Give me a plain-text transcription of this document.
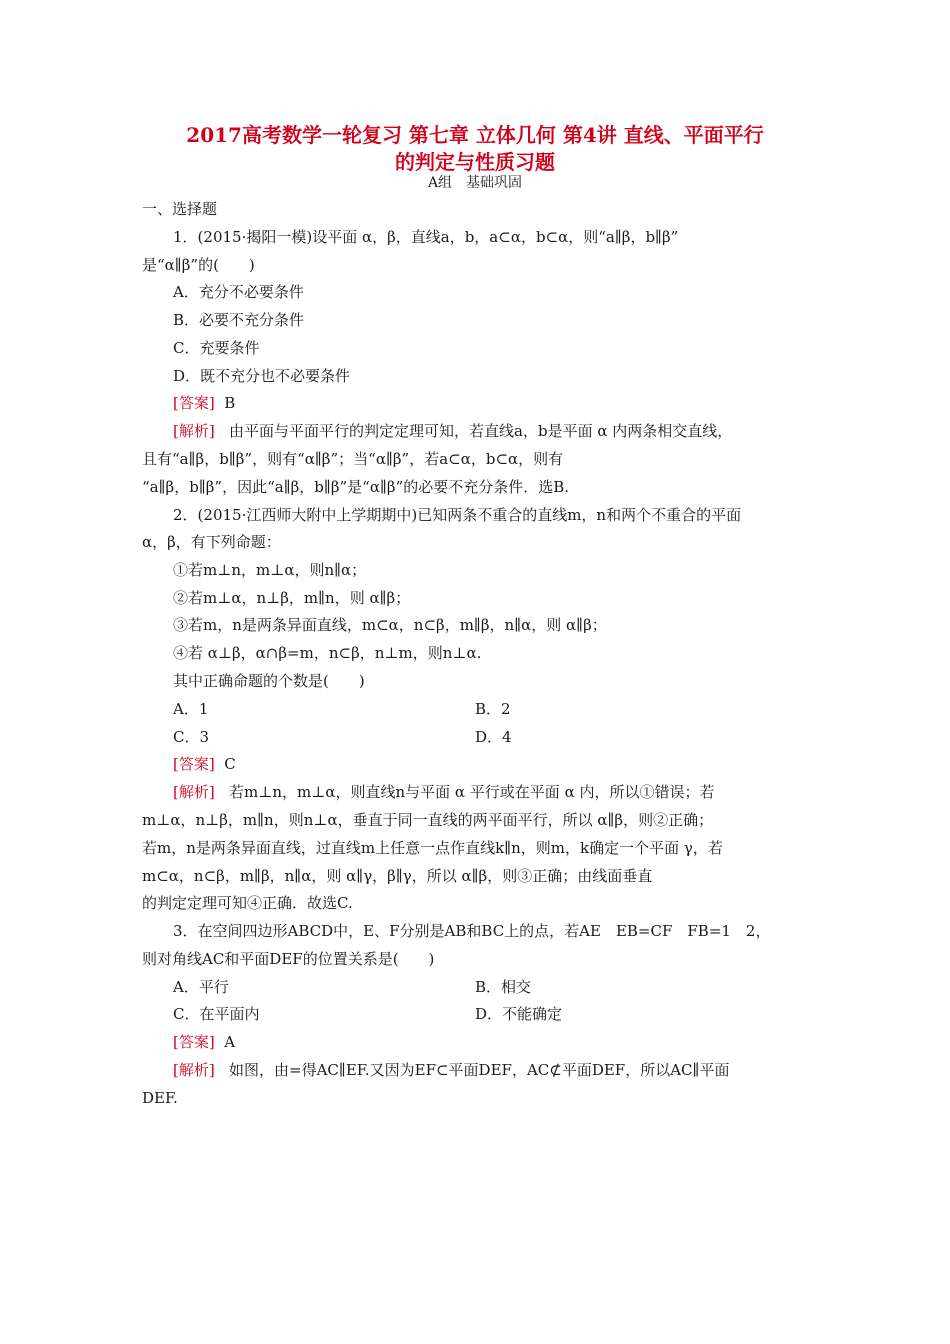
2017高考数学一轮复习 第七章 立体几何 第4讲 直线、平面平行
的判定与性质习题
A组　基础巩固
一、选择题
1．(2015·揭阳一模)设平面 α，β，直线a，b，a⊂α，b⊂α，则“a∥β，b∥β”
是“α∥β”的(　　)
A．充分不必要条件
B．必要不充分条件
C．充要条件
D．既不充分也不必要条件
[答案] B
[解析] 由平面与平面平行的判定定理可知，若直线a，b是平面 α 内两条相交直线，
且有“a∥β，b∥β”，则有“α∥β”；当“α∥β”，若a⊂α，b⊂α，则有
“a∥β，b∥β”，因此“a∥β，b∥β”是“α∥β”的必要不充分条件．选B.
2．(2015·江西师大附中上学期期中)已知两条不重合的直线m，n和两个不重合的平面
α，β，有下列命题：
①若m⊥n，m⊥α，则n∥α；
②若m⊥α，n⊥β，m∥n，则 α∥β；
③若m，n是两条异面直线，m⊂α，n⊂β，m∥β，n∥α，则 α∥β；
④若 α⊥β，α∩β=m，n⊂β，n⊥m，则n⊥α.
其中正确命题的个数是(　　)
A．1	B．2
C．3	D．4
[答案] C
[解析] 若m⊥n，m⊥α，则直线n与平面 α 平行或在平面 α 内，所以①错误；若
m⊥α，n⊥β，m∥n，则n⊥α，垂直于同一直线的两平面平行，所以 α∥β，则②正确；
若m，n是两条异面直线，过直线m上任意一点作直线k∥n，则m，k确定一个平面 γ，若
m⊂α，n⊂β，m∥β，n∥α，则 α∥γ，β∥γ，所以 α∥β，则③正确；由线面垂直
的判定定理可知④正确．故选C.
3．在空间四边形ABCD中，E、F分别是AB和BC上的点，若AE　EB=CF　FB=1　2，
则对角线AC和平面DEF的位置关系是(　　)
A．平行	B．相交
C．在平面内	D．不能确定
[答案] A
[解析] 如图，由=得AC∥EF.又因为EF⊂平面DEF，AC⊄平面DEF，所以AC∥平面
DEF.
